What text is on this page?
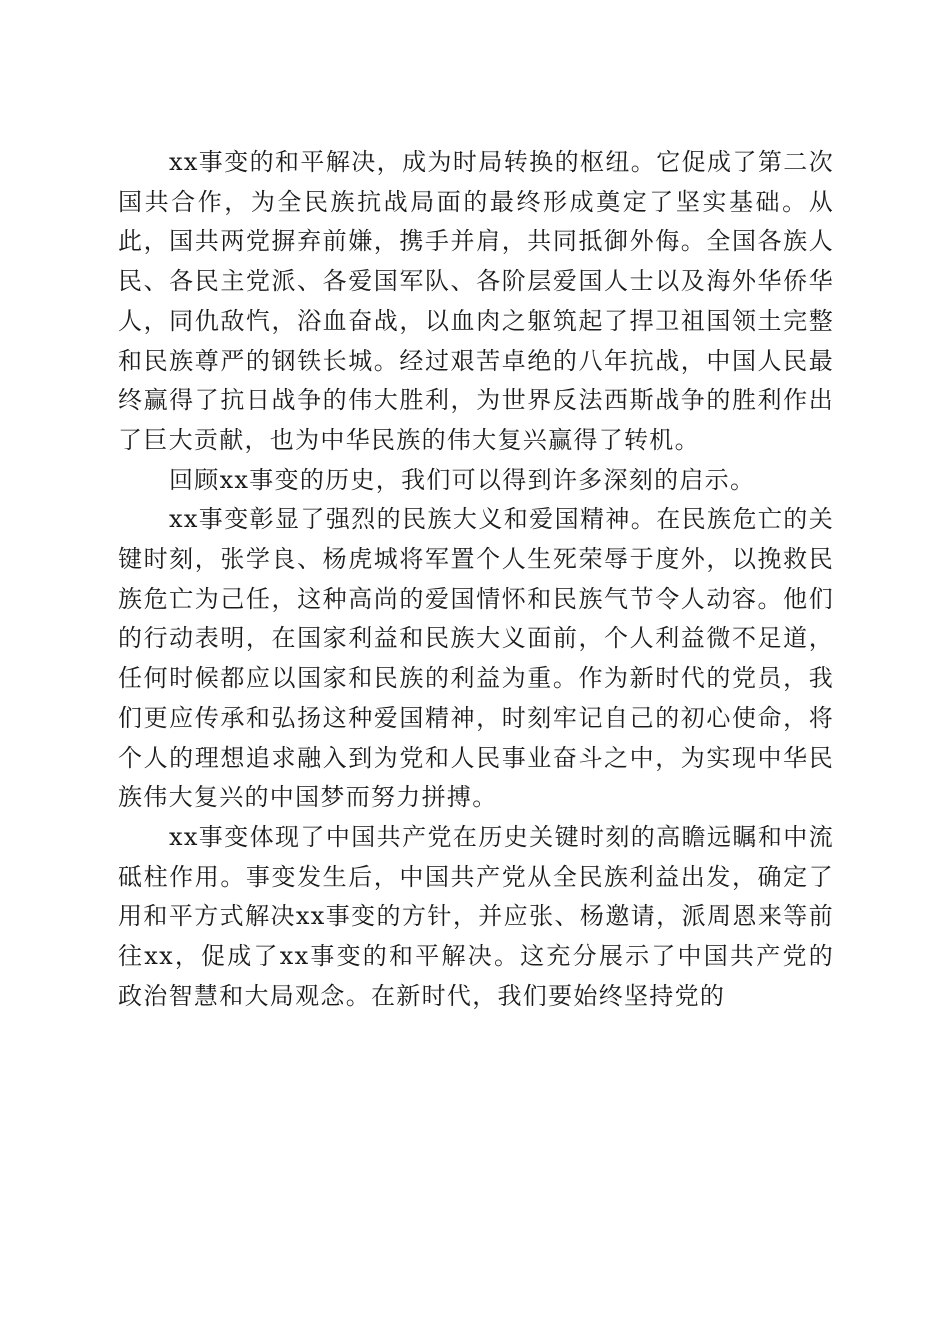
xx事变的和平解决，成为时局转换的枢纽。它促成了第二次国共合作，为全民族抗战局面的最终形成奠定了坚实基础。从此，国共两党摒弃前嫌，携手并肩，共同抵御外侮。全国各族人民、各民主党派、各爱国军队、各阶层爱国人士以及海外华侨华人，同仇敌忾，浴血奋战，以血肉之躯筑起了捍卫祖国领土完整和民族尊严的钢铁长城。经过艰苦卓绝的八年抗战，中国人民最终赢得了抗日战争的伟大胜利，为世界反法西斯战争的胜利作出了巨大贡献，也为中华民族的伟大复兴赢得了转机。

回顾xx事变的历史，我们可以得到许多深刻的启示。

xx事变彰显了强烈的民族大义和爱国精神。在民族危亡的关键时刻，张学良、杨虎城将军置个人生死荣辱于度外，以挽救民族危亡为己任，这种高尚的爱国情怀和民族气节令人动容。他们的行动表明，在国家利益和民族大义面前，个人利益微不足道，任何时候都应以国家和民族的利益为重。作为新时代的党员，我们更应传承和弘扬这种爱国精神，时刻牢记自己的初心使命，将个人的理想追求融入到为党和人民事业奋斗之中，为实现中华民族伟大复兴的中国梦而努力拼搏。

xx事变体现了中国共产党在历史关键时刻的高瞻远瞩和中流砥柱作用。事变发生后，中国共产党从全民族利益出发，确定了用和平方式解决xx事变的方针，并应张、杨邀请，派周恩来等前往xx，促成了xx事变的和平解决。这充分展示了中国共产党的政治智慧和大局观念。在新时代，我们要始终坚持党的
